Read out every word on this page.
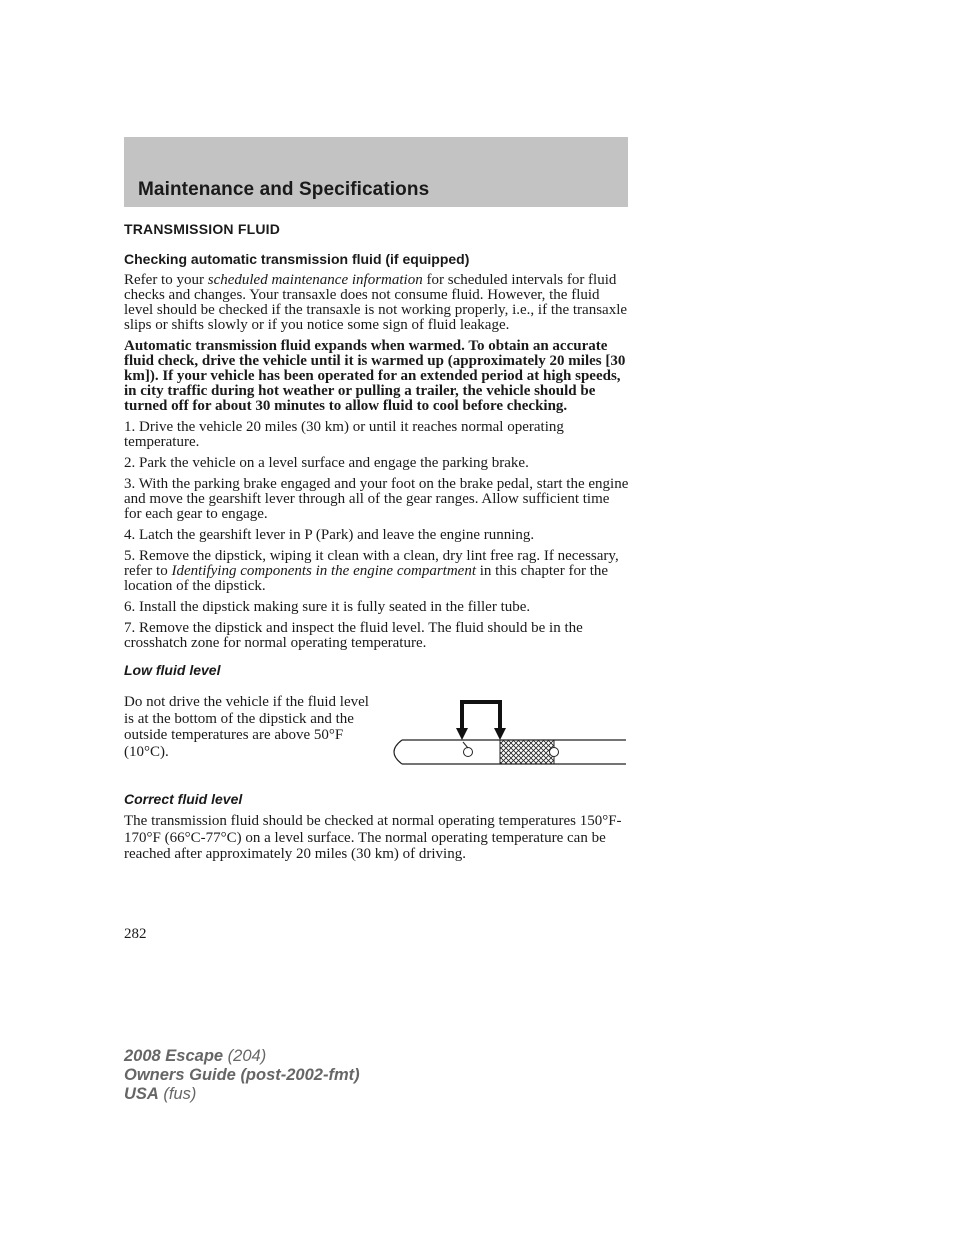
Maintenance and Specifications
TRANSMISSION FLUID
Checking automatic transmission fluid (if equipped)

Refer to your scheduled maintenance information for scheduled intervals for fluid checks and changes. Your transaxle does not consume fluid. However, the fluid level should be checked if the transaxle is not working properly, i.e., if the transaxle slips or shifts slowly or if you notice some sign of fluid leakage.

Automatic transmission fluid expands when warmed. To obtain an accurate fluid check, drive the vehicle until it is warmed up (approximately 20 miles [30 km]). If your vehicle has been operated for an extended period at high speeds, in city traffic during hot weather or pulling a trailer, the vehicle should be turned off for about 30 minutes to allow fluid to cool before checking.

1. Drive the vehicle 20 miles (30 km) or until it reaches normal operating temperature.

2. Park the vehicle on a level surface and engage the parking brake.

3. With the parking brake engaged and your foot on the brake pedal, start the engine and move the gearshift lever through all of the gear ranges. Allow sufficient time for each gear to engage.

4. Latch the gearshift lever in P (Park) and leave the engine running.

5. Remove the dipstick, wiping it clean with a clean, dry lint free rag. If necessary, refer to Identifying components in the engine compartment in this chapter for the location of the dipstick.

6. Install the dipstick making sure it is fully seated in the filler tube.

7. Remove the dipstick and inspect the fluid level. The fluid should be in the crosshatch zone for normal operating temperature.

Low fluid level
Do not drive the vehicle if the fluid level is at the bottom of the dipstick and the outside temperatures are above 50°F (10°C).
Correct fluid level

The transmission fluid should be checked at normal operating temperatures 150°F-170°F (66°C-77°C) on a level surface. The normal operating temperature can be reached after approximately 20 miles (30 km) of driving.

282
2008 Escape (204)
Owners Guide (post-2002-fmt)
USA (fus)
